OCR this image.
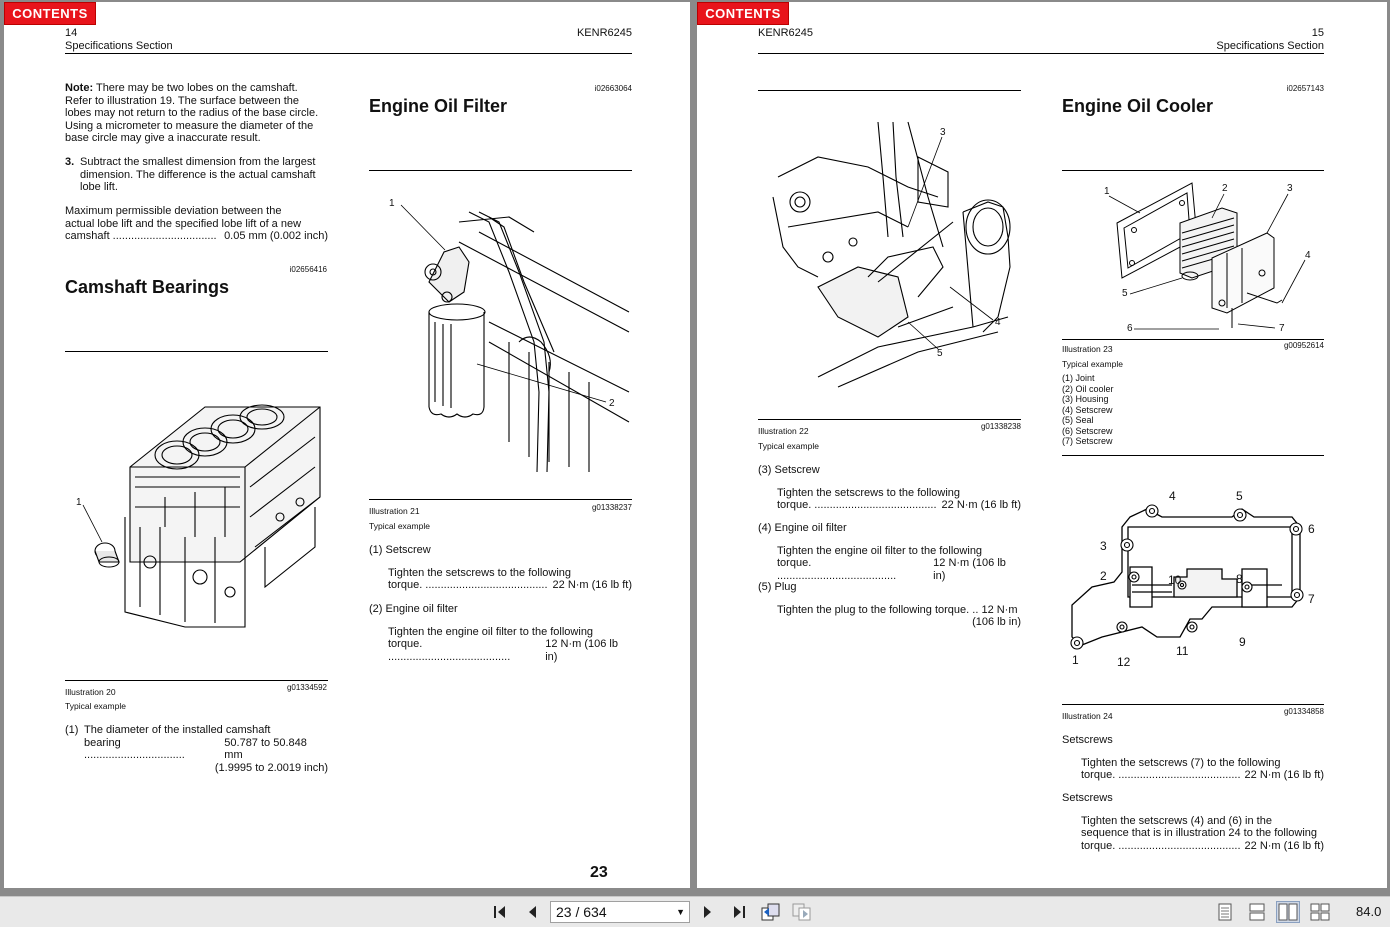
CONTENTS
14
Specifications Section
KENR6245
Note: There may be two lobes on the camshaft.
Refer to illustration 19. The surface between the
lobes may not return to the radius of the base circle.
Using a micrometer to measure the diameter of the
base circle may give a inaccurate result.
3. Subtract the smallest dimension from the largest
dimension. The difference is the actual camshaft
lobe lift.
Maximum permissible deviation between the
actual lobe lift and the specified lobe lift of a new
camshaft .................................. 0.05 mm (0.002 inch)
i02656416
Camshaft Bearings
1
Illustration 20	g01334592
Typical example
(1) The diameter of the installed camshaft
bearing .................................
50.787 to 50.848 mm
(1.9995 to 2.0019 inch)
i02663064
Engine Oil Filter
1
2
Illustration 21	g01338237
Typical example
(1) Setscrew
Tighten the setscrews to the following
torque. ........................................ 22 N·m (16 lb ft)
(2) Engine oil filter
Tighten the engine oil filter to the following
torque. ........................................
12 N·m (106 lb in)
23
CONTENTS
KENR6245	15
Specifications Section
3
4
5
Illustration 22	g01338238
Typical example
(3) Setscrew
Tighten the setscrews to the following
torque. ........................................ 22 N·m (16 lb ft)
(4) Engine oil filter
Tighten the engine oil filter to the following
torque. .......................................
12 N·m (106 lb in)
(5) Plug
Tighten the plug to the following torque. .. 12 N·m
(106 lb in)
i02657143
Engine Oil Cooler
1	2	3
4
5
6	7
Illustration 23	g00952614
Typical example
(1) Joint
(2) Oil cooler
(3) Housing
(4) Setscrew
(5) Seal
(6) Setscrew
(7) Setscrew
1
2
3
4	5
6
7
8
9
10
11
12
Illustration 24	g01334858
Setscrews
Tighten the setscrews (7) to the following
torque. ........................................ 22 N·m (16 lb ft)
Setscrews
Tighten the setscrews (4) and (6) in the
sequence that is in illustration 24 to the following
torque. ........................................ 22 N·m (16 lb ft)
23 / 634	▼	84.0
